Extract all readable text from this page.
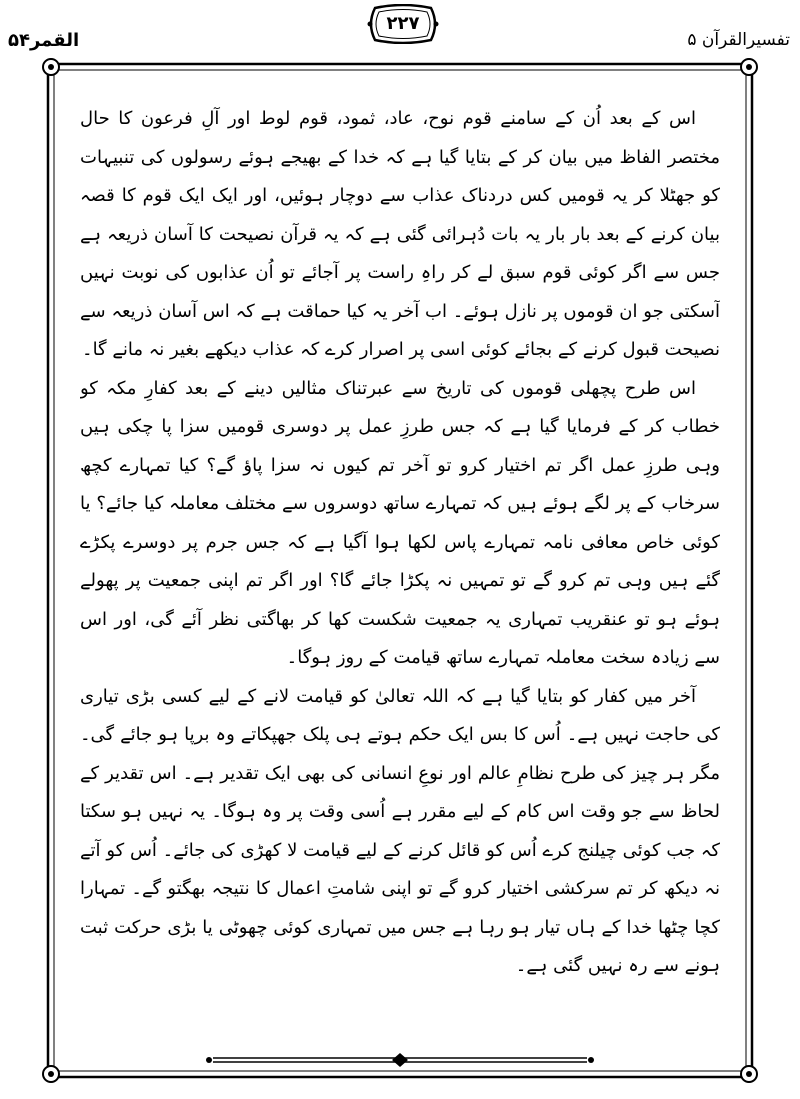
القمر۵۴
۲۲۷
تفسیرالقرآن ۵

اس کے بعد اُن کے سامنے قوم نوح، عاد، ثمود، قوم لوط اور آلِ فرعون کا حال مختصر الفاظ میں بیان کر کے بتایا گیا ہے کہ خدا کے بھیجے ہوئے رسولوں کی تنبیہات کو جھٹلا کر یہ قومیں کس دردناک عذاب سے دوچار ہوئیں، اور ایک ایک قوم کا قصہ بیان کرنے کے بعد بار بار یہ بات دُہرائی گئی ہے کہ یہ قرآن نصیحت کا آسان ذریعہ ہے جس سے اگر کوئی قوم سبق لے کر راہِ راست پر آجائے تو اُن عذابوں کی نوبت نہیں آسکتی جو ان قوموں پر نازل ہوئے۔ اب آخر یہ کیا حماقت ہے کہ اس آسان ذریعہ سے نصیحت قبول کرنے کے بجائے کوئی اسی پر اصرار کرے کہ عذاب دیکھے بغیر نہ مانے گا۔

اس طرح پچھلی قوموں کی تاریخ سے عبرتناک مثالیں دینے کے بعد کفارِ مکہ کو خطاب کر کے فرمایا گیا ہے کہ جس طرزِ عمل پر دوسری قومیں سزا پا چکی ہیں وہی طرزِ عمل اگر تم اختیار کرو تو آخر تم کیوں نہ سزا پاؤ گے؟ کیا تمہارے کچھ سرخاب کے پر لگے ہوئے ہیں کہ تمہارے ساتھ دوسروں سے مختلف معاملہ کیا جائے؟ یا کوئی خاص معافی نامہ تمہارے پاس لکھا ہوا آگیا ہے کہ جس جرم پر دوسرے پکڑے گئے ہیں وہی تم کرو گے تو تمہیں نہ پکڑا جائے گا؟ اور اگر تم اپنی جمعیت پر پھولے ہوئے ہو تو عنقریب تمہاری یہ جمعیت شکست کھا کر بھاگتی نظر آئے گی، اور اس سے زیادہ سخت معاملہ تمہارے ساتھ قیامت کے روز ہوگا۔

آخر میں کفار کو بتایا گیا ہے کہ اللہ تعالیٰ کو قیامت لانے کے لیے کسی بڑی تیاری کی حاجت نہیں ہے۔ اُس کا بس ایک حکم ہوتے ہی پلک جھپکاتے وہ برپا ہو جائے گی۔ مگر ہر چیز کی طرح نظامِ عالم اور نوعِ انسانی کی بھی ایک تقدیر ہے۔ اس تقدیر کے لحاظ سے جو وقت اس کام کے لیے مقرر ہے اُسی وقت پر وہ ہوگا۔ یہ نہیں ہو سکتا کہ جب کوئی چیلنج کرے اُس کو قائل کرنے کے لیے قیامت لا کھڑی کی جائے۔ اُس کو آتے نہ دیکھ کر تم سرکشی اختیار کرو گے تو اپنی شامتِ اعمال کا نتیجہ بھگتو گے۔ تمہارا کچا چٹھا خدا کے ہاں تیار ہو رہا ہے جس میں تمہاری کوئی چھوٹی یا بڑی حرکت ثبت ہونے سے رہ نہیں گئی ہے۔
